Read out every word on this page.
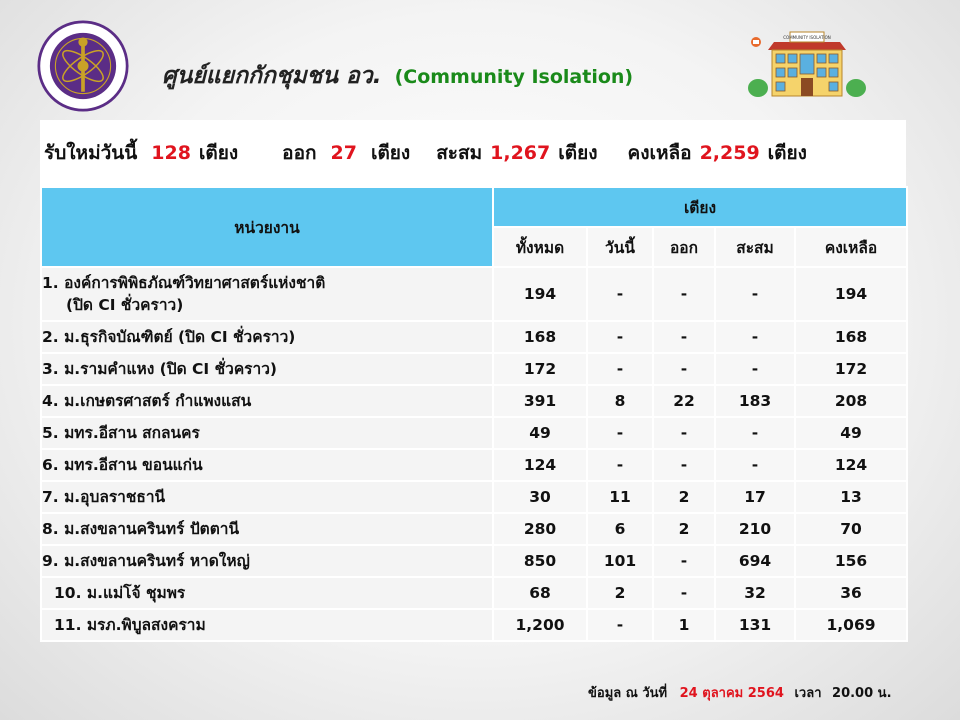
ศูนย์แยกกักชุมชน อว. (Community Isolation)
COMMUNITY ISOLATION
รับใหม่วันนี้ 128 เตียง ออก 27 เตียง สะสม 1,267 เตียง คงเหลือ 2,259 เตียง
หน่วยงาน	เตียง				
	ทั้งหมด	วันนี้	ออก	สะสม	คงเหลือ

1. องค์การพิพิธภัณฑ์วิทยาศาสตร์แห่งชาติ
(ปิด CI ชั่วคราว)	194	-	-	-	194
2. ม.ธุรกิจบัณฑิตย์ (ปิด CI ชั่วคราว)	168	-	-	-	168
3. ม.รามคำแหง (ปิด CI ชั่วคราว)	172	-	-	-	172
4. ม.เกษตรศาสตร์ กำแพงแสน	391	8	22	183	208
5. มทร.อีสาน สกลนคร	49	-	-	-	49
6. มทร.อีสาน ขอนแก่น	124	-	-	-	124
7. ม.อุบลราชธานี	30	11	2	17	13
8. ม.สงขลานครินทร์ ปัตตานี	280	6	2	210	70
9. ม.สงขลานครินทร์ หาดใหญ่	850	101	-	694	156
10. ม.แม่โจ้ ชุมพร	68	2	-	32	36
11. มรภ.พิบูลสงคราม	1,200	-	1	131	1,069
ข้อมูล ณ วันที่ 24 ตุลาคม 2564 เวลา 20.00 น.
